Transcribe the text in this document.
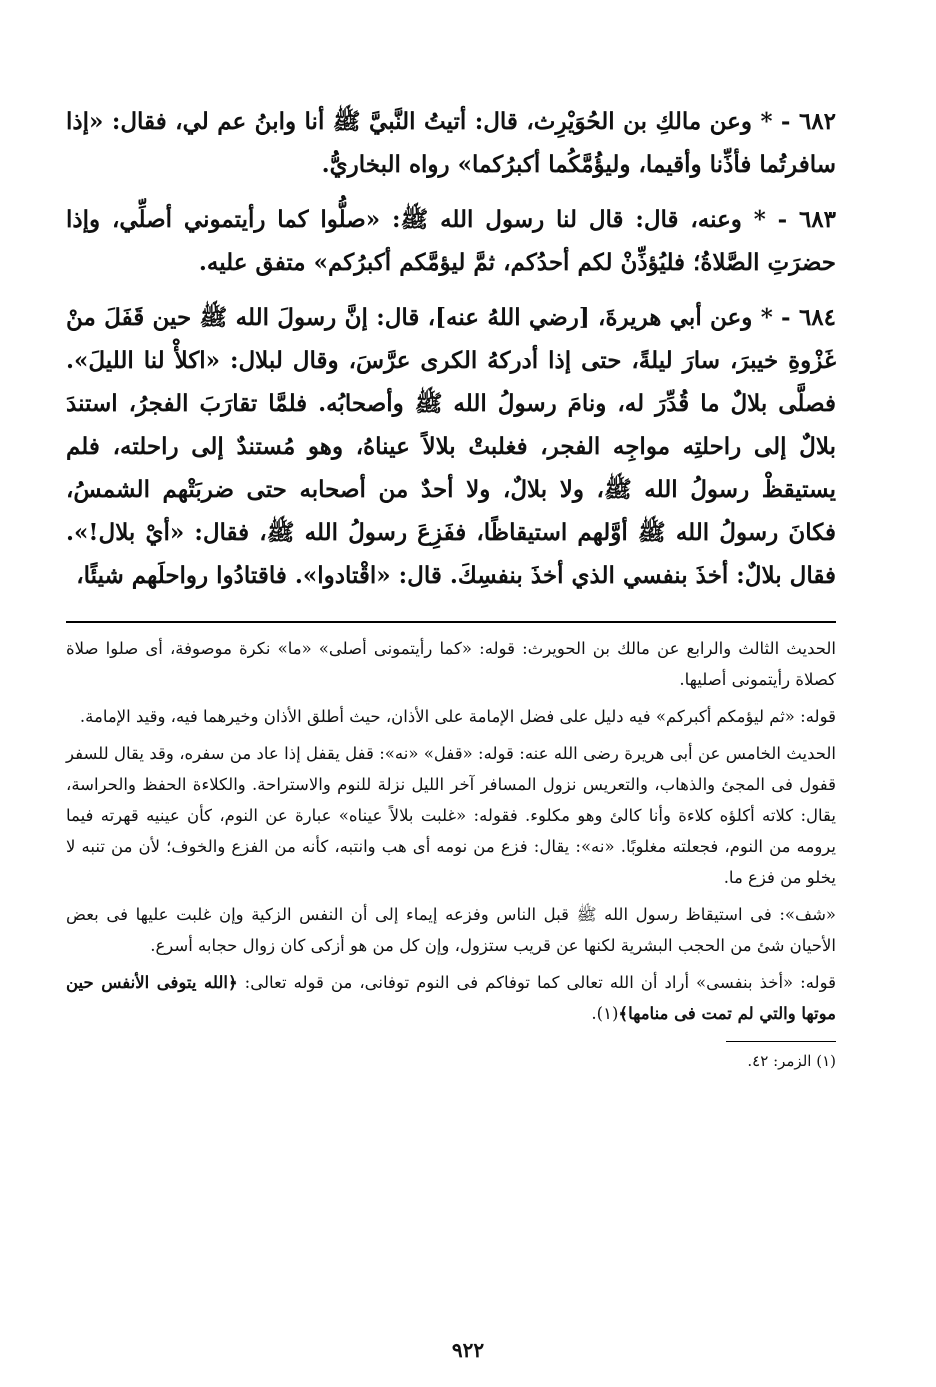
٦٨٢ - * وعن مالكِ بن الحُوَيْرِث، قال: أتيتُ النَّبيَّ ﷺ أنا وابنُ عم لي، فقال: «إذا سافرتُما فأذِّنا وأقيما، وليؤُمَّكُما أكبرُكما» رواه البخاريُّ.

٦٨٣ - * وعنه، قال: قال لنا رسول الله ﷺ: «صلُّوا كما رأيتموني أصلِّي، وإذا حضرَتِ الصَّلاةُ؛ فليُؤذِّنْ لكم أحدُكم، ثمَّ ليؤمَّكم أكبرُكم» متفق عليه.

٦٨٤ - * وعن أبي هريرةَ، [رضي اللهُ عنه]، قال: إنَّ رسولَ الله ﷺ حين قَفَلَ منْ غَزْوةِ خيبرَ، سارَ ليلةً، حتى إذا أدركهُ الكرى عرَّسَ، وقال لبلال: «اكلأْ لنا الليلَ». فصلَّى بلالٌ ما قُدِّرَ له، ونامَ رسولُ الله ﷺ وأصحابُه. فلمَّا تقارَبَ الفجرُ، استندَ بلالٌ إلى راحلتِه مواجِه الفجر، فغلبتْ بلالاً عيناهُ، وهو مُستندٌ إلى راحلته، فلم يستيقظْ رسولُ الله ﷺ، ولا بلالٌ، ولا أحدٌ من أصحابه حتى ضربَتْهم الشمسُ، فكانَ رسولُ الله ﷺ أوَّلهم استيقاظًا، ففَزِعَ رسولُ الله ﷺ، فقال: «أيْ بلال!». فقال بلالٌ: أخذَ بنفسي الذي أخذَ بنفسِكَ. قال: «اقْتادوا». فاقتادُوا رواحلَهم شيئًا،

الحديث الثالث والرابع عن مالك بن الحويرث: قوله: «كما رأيتمونى أصلى» «ما» نكرة موصوفة، أى صلوا صلاة كصلاة رأيتمونى أصليها.

قوله: «ثم ليؤمكم أكبركم» فيه دليل على فضل الإمامة على الأذان، حيث أطلق الأذان وخيرهما فيه، وقيد الإمامة.

الحديث الخامس عن أبى هريرة رضى الله عنه: قوله: «قفل» «نه»: قفل يقفل إذا عاد من سفره، وقد يقال للسفر قفول فى المجئ والذهاب، والتعريس نزول المسافر آخر الليل نزلة للنوم والاستراحة. والكلاءة الحفظ والحراسة، يقال: كلاته أكلؤه كلاءة وأنا كالئ وهو مكلوء. فقوله: «غلبت بلالاً عيناه» عبارة عن النوم، كأن عينيه قهرته فيما يرومه من النوم، فجعلته مغلوبًا. «نه»: يقال: فزع من نومه أى هب وانتبه، كأنه من الفزع والخوف؛ لأن من تنبه لا يخلو من فزع ما.

«شف»: فى استيقاظ رسول الله ﷺ قبل الناس وفزعه إيماء إلى أن النفس الزكية وإن غلبت عليها فى بعض الأحيان شئ من الحجب البشرية لكنها عن قريب ستزول، وإن كل من هو أزكى كان زوال حجابه أسرع.

قوله: «أخذ بنفسى» أراد أن الله تعالى كما توفاكم فى النوم توفانى، من قوله تعالى: ﴿الله يتوفى الأنفس حين موتها والتي لم تمت فى منامها﴾(١).

(١) الزمر: ٤٢.
٩٢٢
